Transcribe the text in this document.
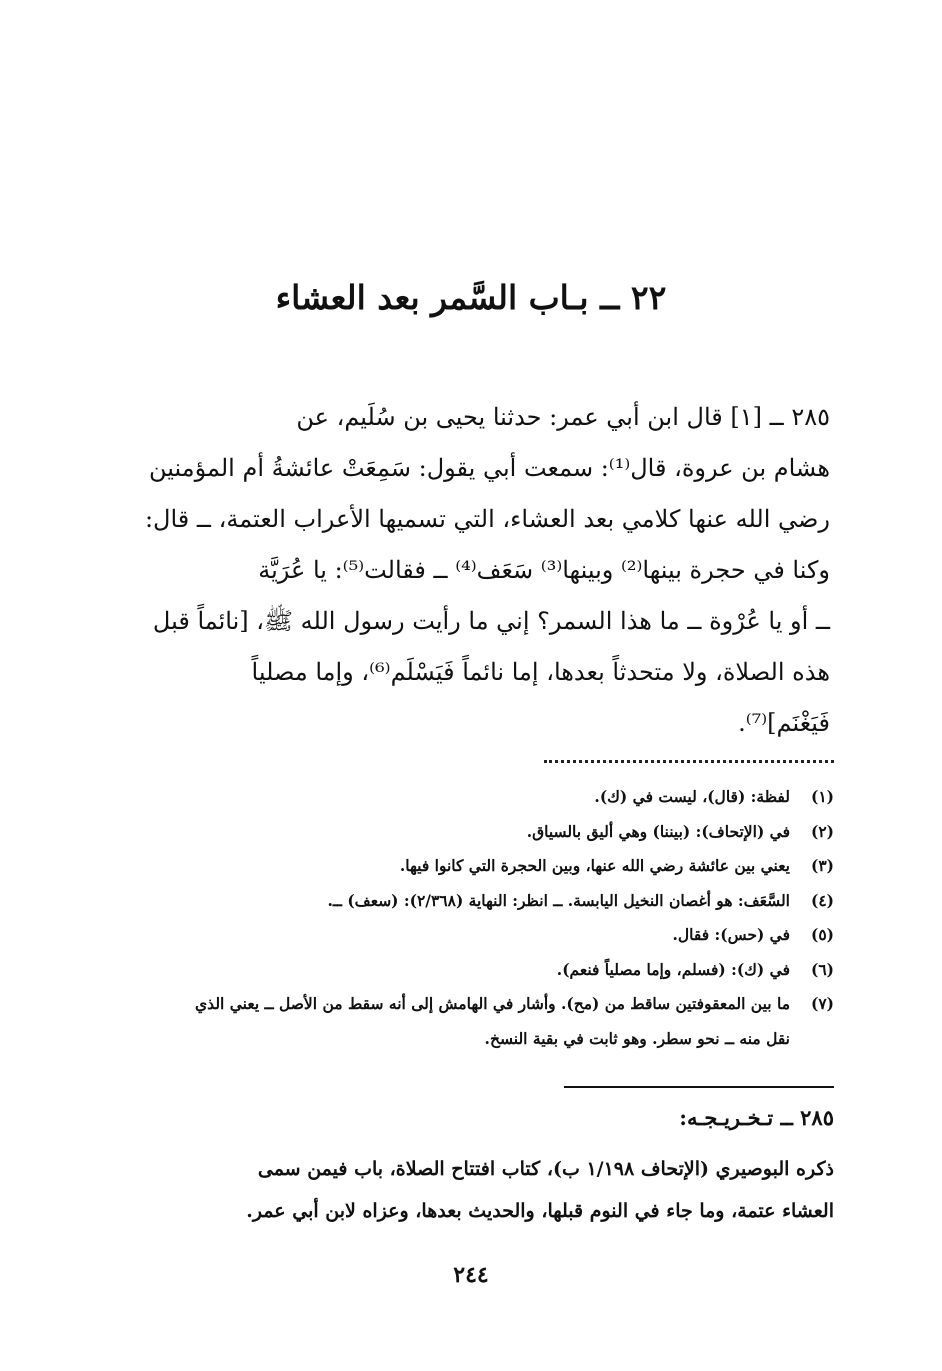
٢٢ ــ بـاب السَّمر بعد العشاء
٢٨٥ ــ [١] قال ابن أبي عمر: حدثنا يحيى بن سُلَيم، عن
هشام بن عروة، قال⁽¹⁾: سمعت أبي يقول: سَمِعَتْ عائشةُ أم المؤمنين
رضي الله عنها كلامي بعد العشاء، التي تسميها الأعراب العتمة، ــ قال:
وكنا في حجرة بينها⁽²⁾ وبينها⁽³⁾ سَعَف⁽⁴⁾ ــ فقالت⁽⁵⁾: يا عُرَيَّة
ــ أو يا عُرْوة ــ ما هذا السمر؟ إني ما رأيت رسول الله ﷺ، [نائماً قبل
هذه الصلاة، ولا متحدثاً بعدها، إما نائماً فَيَسْلَم⁽⁶⁾، وإما مصلياً
فَيَغْنَم]⁽⁷⁾.
(١)
لفظة: (قال)، ليست في (ك).
(٢)
في (الإتحاف): (بيننا) وهي أليق بالسياق.
(٣)
يعني بين عائشة رضي الله عنها، وبين الحجرة التي كانوا فيها.
(٤)
السَّعَف: هو أغصان النخيل اليابسة. ــ انظر: النهاية (٢/٣٦٨): (سعف) ــ.
(٥)
في (حس): فقال.
(٦)
في (ك): (فسلم، وإما مصلياً فنعم).
(٧)
ما بين المعقوفتين ساقط من (مح). وأشار في الهامش إلى أنه سقط من الأصل ــ يعني الذي
نقل منه ــ نحو سطر. وهو ثابت في بقية النسخ.
٢٨٥ ــ تـخـريـجـه:
ذكره البوصيري (الإتحاف ١/١٩٨ ب)، كتاب افتتاح الصلاة، باب فيمن سمى
العشاء عتمة، وما جاء في النوم قبلها، والحديث بعدها، وعزاه لابن أبي عمر.
٢٤٤
